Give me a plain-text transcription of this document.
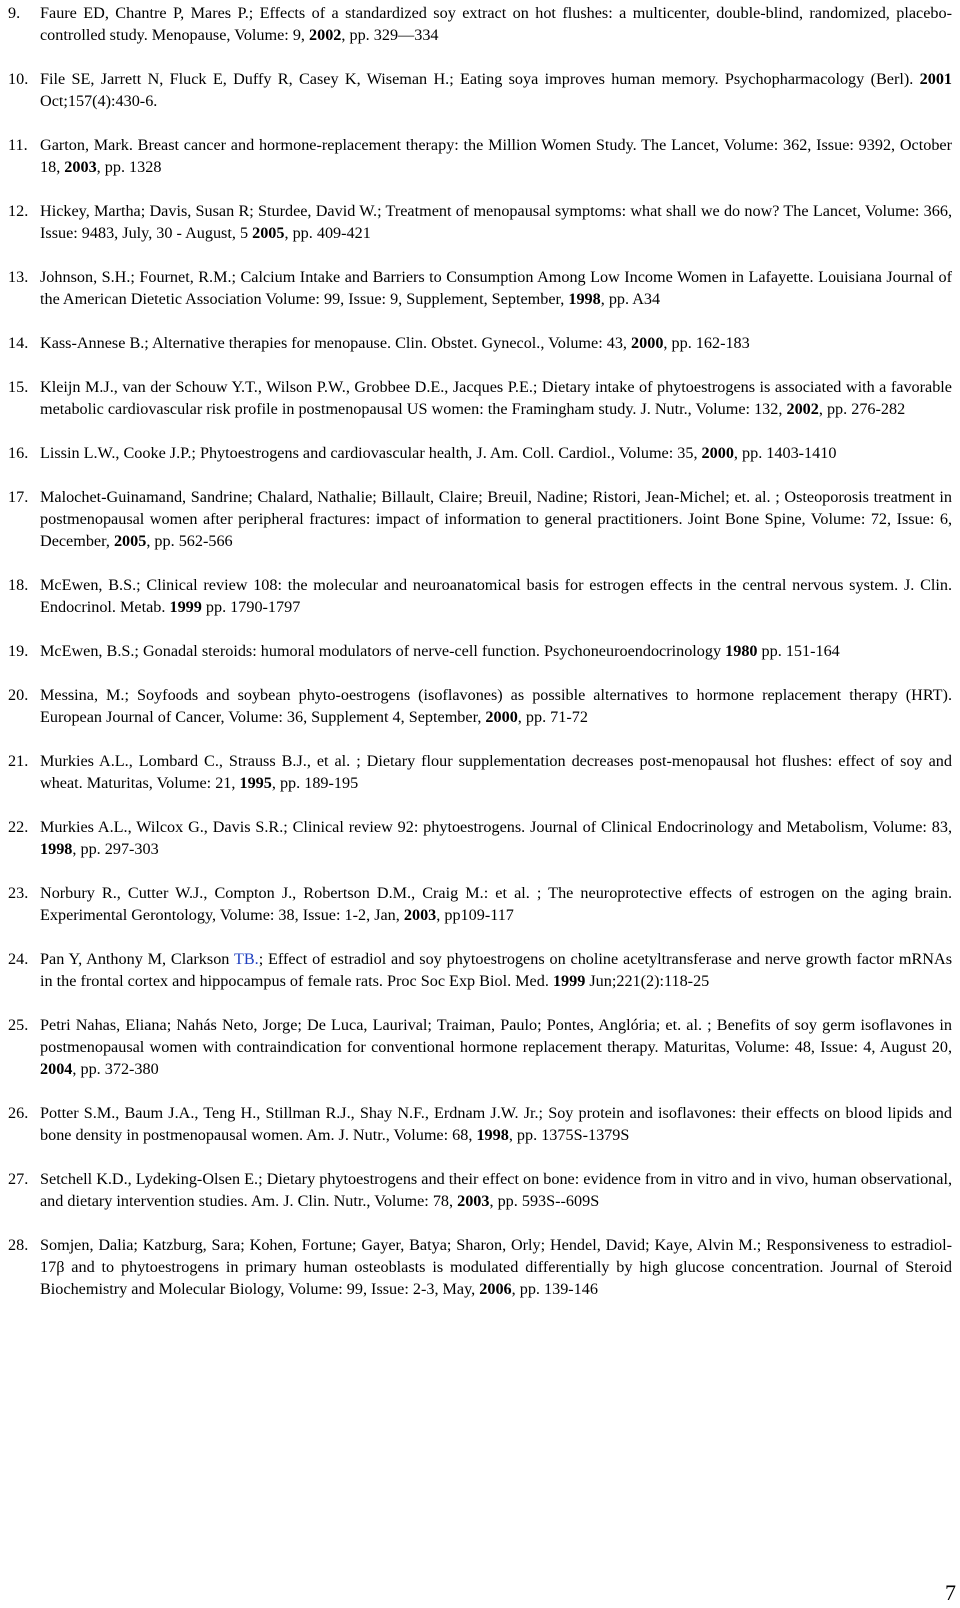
9. Faure ED, Chantre P, Mares P.; Effects of a standardized soy extract on hot flushes: a multicenter, double-blind, randomized, placebo-controlled study. Menopause, Volume: 9, 2002, pp. 329—334
10. File SE, Jarrett N, Fluck E, Duffy R, Casey K, Wiseman H.; Eating soya improves human memory. Psychopharmacology (Berl). 2001 Oct;157(4):430-6.
11. Garton, Mark. Breast cancer and hormone-replacement therapy: the Million Women Study. The Lancet, Volume: 362, Issue: 9392, October 18, 2003, pp. 1328
12. Hickey, Martha; Davis, Susan R; Sturdee, David W.; Treatment of menopausal symptoms: what shall we do now? The Lancet, Volume: 366, Issue: 9483, July, 30 - August, 5 2005, pp. 409-421
13. Johnson, S.H.; Fournet, R.M.; Calcium Intake and Barriers to Consumption Among Low Income Women in Lafayette. Louisiana Journal of the American Dietetic Association Volume: 99, Issue: 9, Supplement, September, 1998, pp. A34
14. Kass-Annese B.; Alternative therapies for menopause. Clin. Obstet. Gynecol., Volume: 43, 2000, pp. 162-183
15. Kleijn M.J., van der Schouw Y.T., Wilson P.W., Grobbee D.E., Jacques P.E.; Dietary intake of phytoestrogens is associated with a favorable metabolic cardiovascular risk profile in postmenopausal US women: the Framingham study. J. Nutr., Volume: 132, 2002, pp. 276-282
16. Lissin L.W., Cooke J.P.; Phytoestrogens and cardiovascular health, J. Am. Coll. Cardiol., Volume: 35, 2000, pp. 1403-1410
17. Malochet-Guinamand, Sandrine; Chalard, Nathalie; Billault, Claire; Breuil, Nadine; Ristori, Jean-Michel; et. al. ; Osteoporosis treatment in postmenopausal women after peripheral fractures: impact of information to general practitioners. Joint Bone Spine, Volume: 72, Issue: 6, December, 2005, pp. 562-566
18. McEwen, B.S.; Clinical review 108: the molecular and neuroanatomical basis for estrogen effects in the central nervous system. J. Clin. Endocrinol. Metab. 1999 pp. 1790-1797
19. McEwen, B.S.; Gonadal steroids: humoral modulators of nerve-cell function. Psychoneuroendocrinology 1980 pp. 151-164
20. Messina, M.; Soyfoods and soybean phyto-oestrogens (isoflavones) as possible alternatives to hormone replacement therapy (HRT). European Journal of Cancer, Volume: 36, Supplement 4, September, 2000, pp. 71-72
21. Murkies A.L., Lombard C., Strauss B.J., et al. ; Dietary flour supplementation decreases post-menopausal hot flushes: effect of soy and wheat. Maturitas, Volume: 21, 1995, pp. 189-195
22. Murkies A.L., Wilcox G., Davis S.R.; Clinical review 92: phytoestrogens. Journal of Clinical Endocrinology and Metabolism, Volume: 83, 1998, pp. 297-303
23. Norbury R., Cutter W.J., Compton J., Robertson D.M., Craig M.: et al. ; The neuroprotective effects of estrogen on the aging brain. Experimental Gerontology, Volume: 38, Issue: 1-2, Jan, 2003, pp109-117
24. Pan Y, Anthony M, Clarkson TB.; Effect of estradiol and soy phytoestrogens on choline acetyltransferase and nerve growth factor mRNAs in the frontal cortex and hippocampus of female rats. Proc Soc Exp Biol. Med. 1999 Jun;221(2):118-25
25. Petri Nahas, Eliana; Nahás Neto, Jorge; De Luca, Laurival; Traiman, Paulo; Pontes, Anglória; et. al. ; Benefits of soy germ isoflavones in postmenopausal women with contraindication for conventional hormone replacement therapy. Maturitas, Volume: 48, Issue: 4, August 20, 2004, pp. 372-380
26. Potter S.M., Baum J.A., Teng H., Stillman R.J., Shay N.F., Erdnam J.W. Jr.; Soy protein and isoflavones: their effects on blood lipids and bone density in postmenopausal women. Am. J. Nutr., Volume: 68, 1998, pp. 1375S-1379S
27. Setchell K.D., Lydeking-Olsen E.; Dietary phytoestrogens and their effect on bone: evidence from in vitro and in vivo, human observational, and dietary intervention studies. Am. J. Clin. Nutr., Volume: 78, 2003, pp. 593S--609S
28. Somjen, Dalia; Katzburg, Sara; Kohen, Fortune; Gayer, Batya; Sharon, Orly; Hendel, David; Kaye, Alvin M.; Responsiveness to estradiol-17β and to phytoestrogens in primary human osteoblasts is modulated differentially by high glucose concentration. Journal of Steroid Biochemistry and Molecular Biology, Volume: 99, Issue: 2-3, May, 2006, pp. 139-146
7
